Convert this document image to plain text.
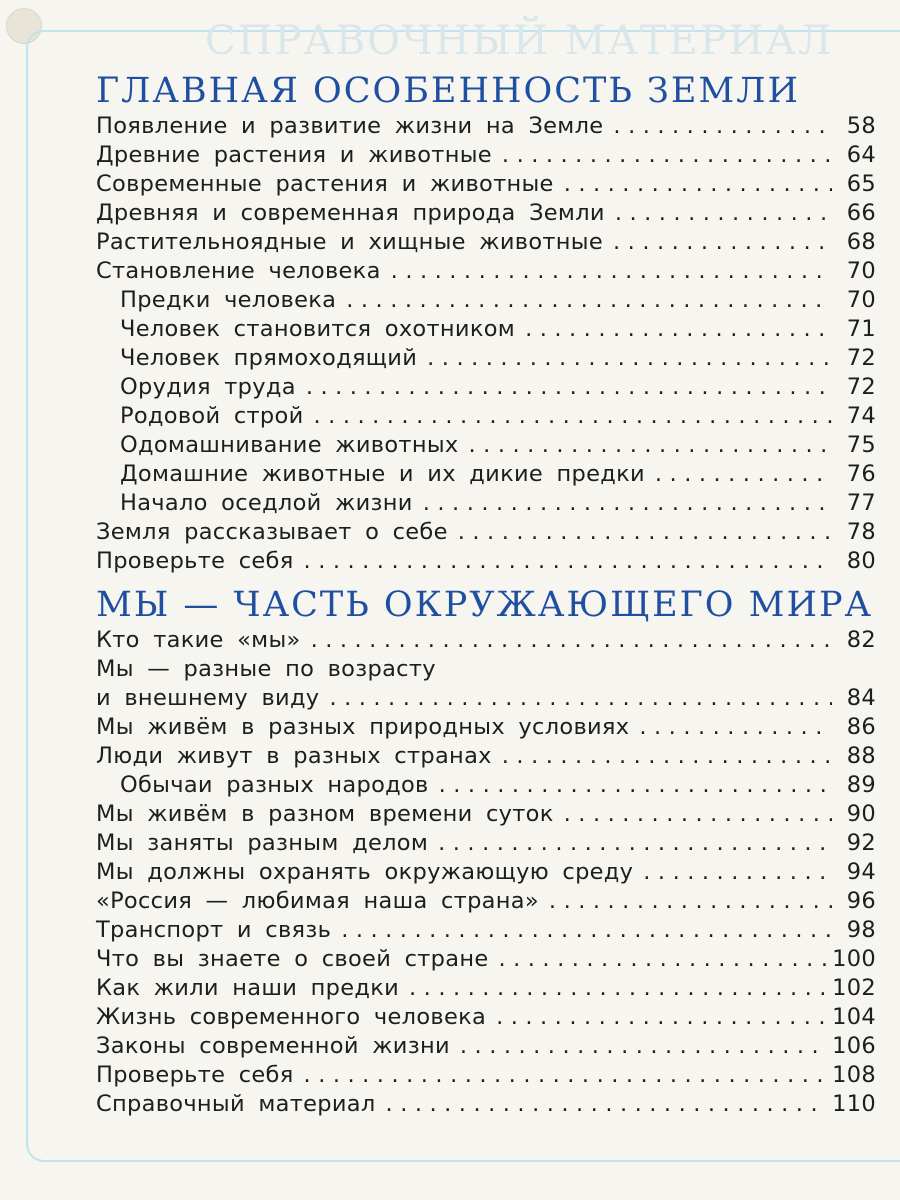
СПРАВОЧНЫЙ МАТЕРИАЛ
ГЛАВНАЯ ОСОБЕННОСТЬ ЗЕМЛИ
Появление и развитие жизни на Земле .....	58
Древние растения и животные .....	64
Современные растения и животные .....	65
Древняя и современная природа Земли .....	66
Растительноядные и хищные животные .....	68
Становление человека .....	70
Предки человека .....	70
Человек становится охотником .....	71
Человек прямоходящий .....	72
Орудия труда .....	72
Родовой строй .....	74
Одомашнивание животных .....	75
Домашние животные и их дикие предки .....	76
Начало оседлой жизни .....	77
Земля рассказывает о себе .....	78
Проверьте себя .....	80
МЫ — ЧАСТЬ ОКРУЖАЮЩЕГО МИРА
Кто такие «мы» .....	82
Мы — разные по возрасту
и внешнему виду .....	84
Мы живём в разных природных условиях .....	86
Люди живут в разных странах .....	88
Обычаи разных народов .....	89
Мы живём в разном времени суток .....	90
Мы заняты разным делом .....	92
Мы должны охранять окружающую среду .....	94
«Россия — любимая наша страна» .....	96
Транспорт и связь .....	98
Что вы знаете о своей стране .....	100
Как жили наши предки .....	102
Жизнь современного человека .....	104
Законы современной жизни .....	106
Проверьте себя .....	108
Справочный материал .....	110
